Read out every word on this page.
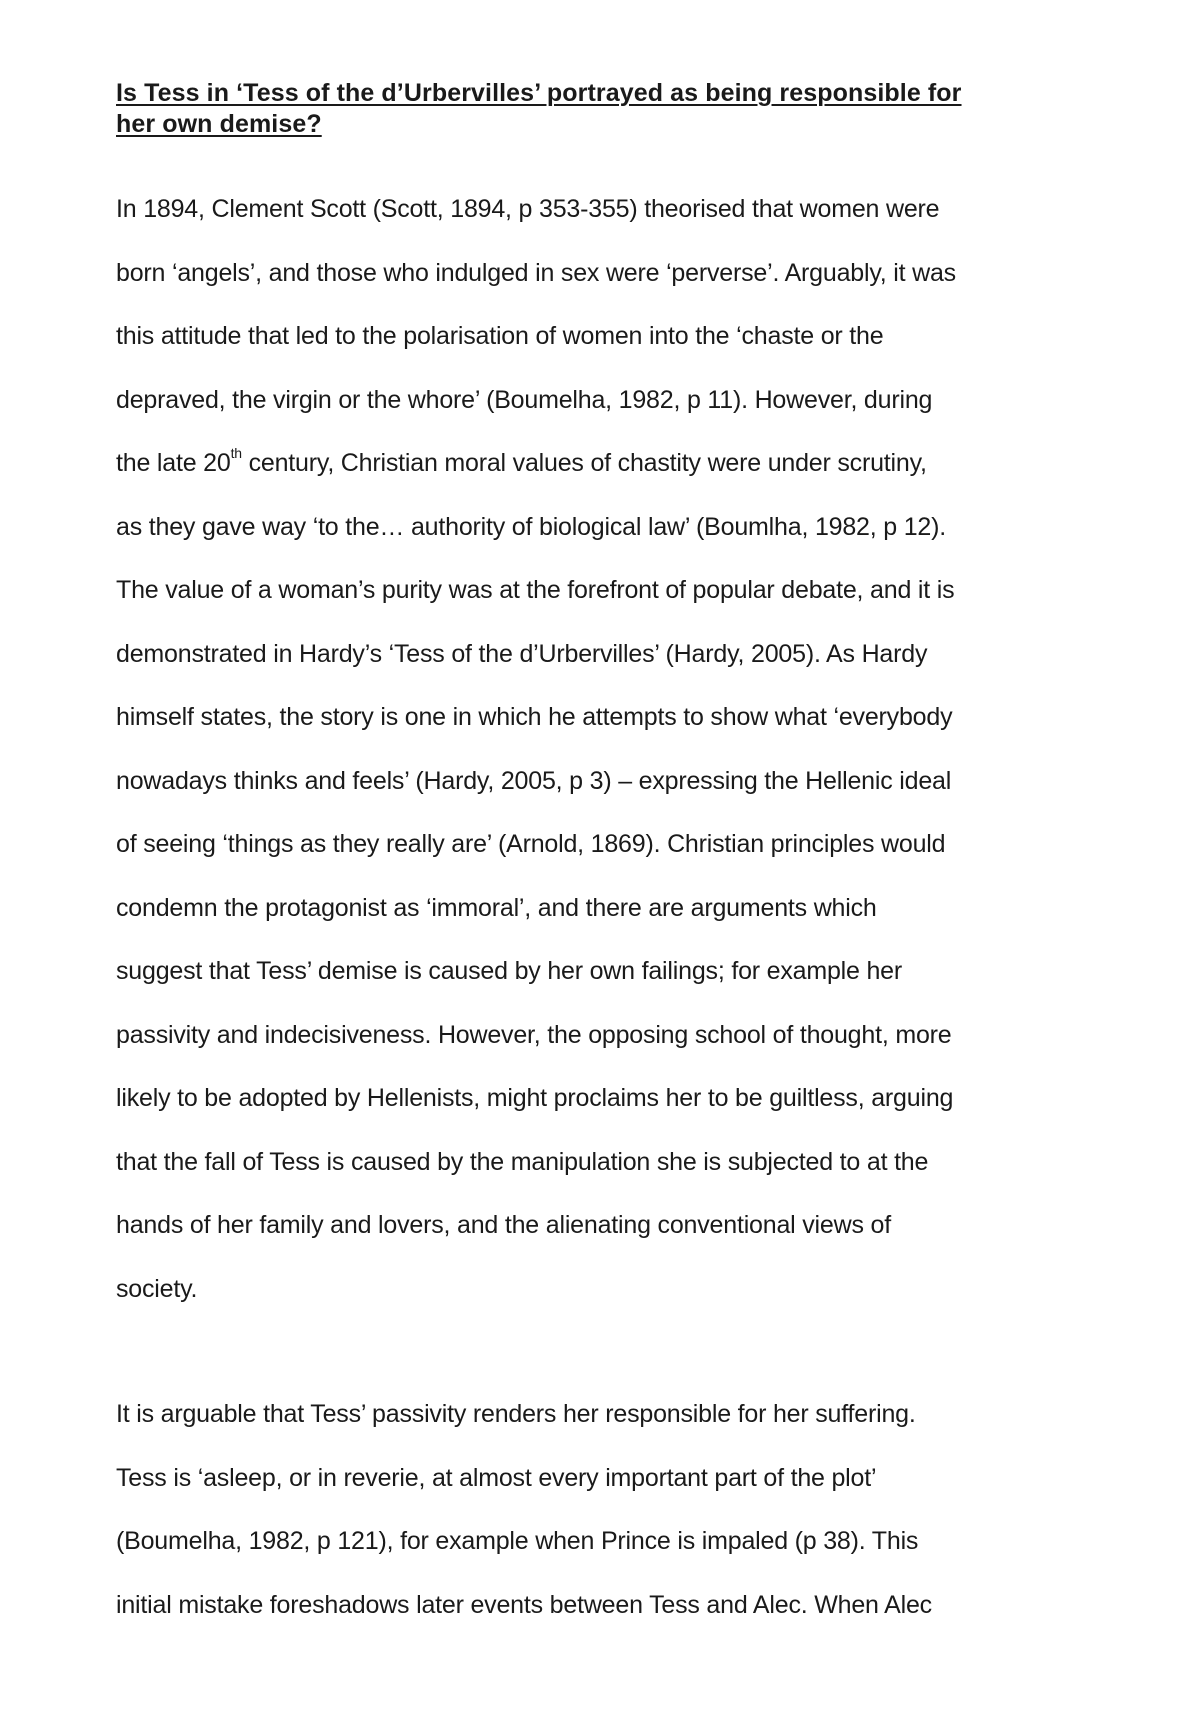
Is Tess in ‘Tess of the d’Urbervilles’ portrayed as being responsible for
her own demise?

In 1894, Clement Scott (Scott, 1894, p 353-355) theorised that women were
born ‘angels’, and those who indulged in sex were ‘perverse’. Arguably, it was
this attitude that led to the polarisation of women into the ‘chaste or the
depraved, the virgin or the whore’ (Boumelha, 1982, p 11). However, during
the late 20th century, Christian moral values of chastity were under scrutiny,
as they gave way ‘to the… authority of biological law’ (Boumlha, 1982, p 12).
The value of a woman’s purity was at the forefront of popular debate, and it is
demonstrated in Hardy’s ‘Tess of the d’Urbervilles’ (Hardy, 2005). As Hardy
himself states, the story is one in which he attempts to show what ‘everybody
nowadays thinks and feels’ (Hardy, 2005, p 3) – expressing the Hellenic ideal
of seeing ‘things as they really are’ (Arnold, 1869). Christian principles would
condemn the protagonist as ‘immoral’, and there are arguments which
suggest that Tess’ demise is caused by her own failings; for example her
passivity and indecisiveness. However, the opposing school of thought, more
likely to be adopted by Hellenists, might proclaims her to be guiltless, arguing
that the fall of Tess is caused by the manipulation she is subjected to at the
hands of her family and lovers, and the alienating conventional views of
society.

It is arguable that Tess’ passivity renders her responsible for her suffering.
Tess is ‘asleep, or in reverie, at almost every important part of the plot’
(Boumelha, 1982, p 121), for example when Prince is impaled (p 38). This
initial mistake foreshadows later events between Tess and Alec. When Alec
